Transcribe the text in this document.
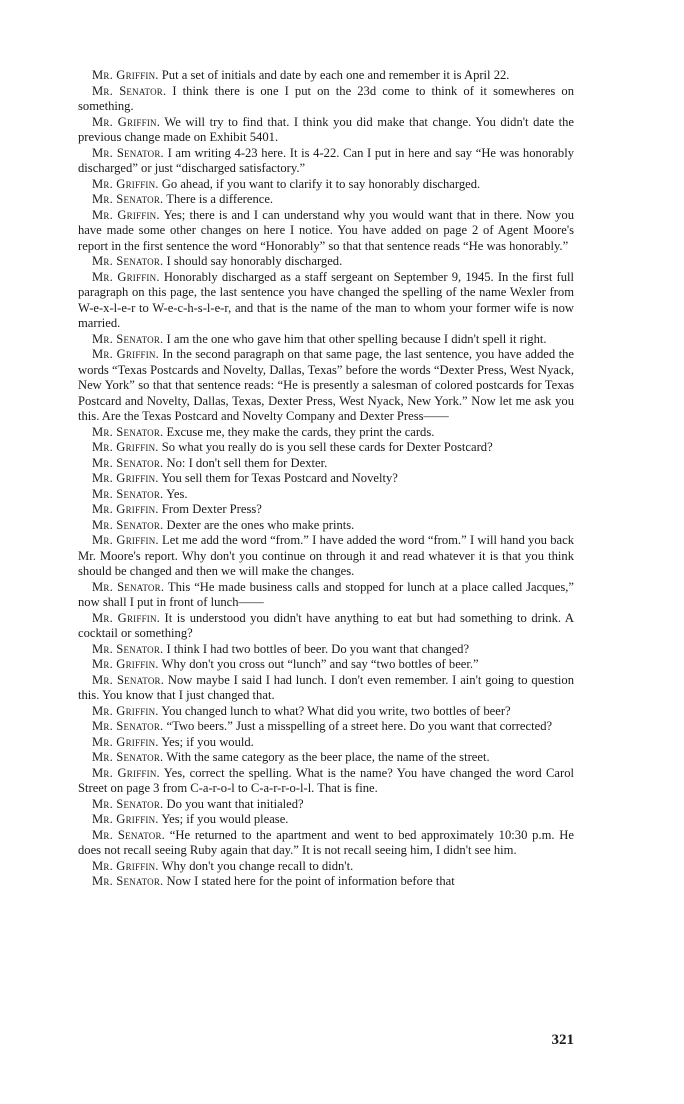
Mr. Griffin. Put a set of initials and date by each one and remember it is April 22.

Mr. Senator. I think there is one I put on the 23d come to think of it somewheres on something.

Mr. Griffin. We will try to find that. I think you did make that change. You didn't date the previous change made on Exhibit 5401.

Mr. Senator. I am writing 4-23 here. It is 4-22. Can I put in here and say “He was honorably discharged” or just “discharged satisfactory.”

Mr. Griffin. Go ahead, if you want to clarify it to say honorably discharged.

Mr. Senator. There is a difference.

Mr. Griffin. Yes; there is and I can understand why you would want that in there. Now you have made some other changes on here I notice. You have added on page 2 of Agent Moore's report in the first sentence the word “Honorably” so that that sentence reads “He was honorably.”

Mr. Senator. I should say honorably discharged.

Mr. Griffin. Honorably discharged as a staff sergeant on September 9, 1945. In the first full paragraph on this page, the last sentence you have changed the spelling of the name Wexler from W-e-x-l-e-r to W-e-c-h-s-l-e-r, and that is the name of the man to whom your former wife is now married.

Mr. Senator. I am the one who gave him that other spelling because I didn't spell it right.

Mr. Griffin. In the second paragraph on that same page, the last sentence, you have added the words “Texas Postcards and Novelty, Dallas, Texas” before the words “Dexter Press, West Nyack, New York” so that that sentence reads: “He is presently a salesman of colored postcards for Texas Postcard and Novelty, Dallas, Texas, Dexter Press, West Nyack, New York.” Now let me ask you this. Are the Texas Postcard and Novelty Company and Dexter Press——

Mr. Senator. Excuse me, they make the cards, they print the cards.

Mr. Griffin. So what you really do is you sell these cards for Dexter Postcard?

Mr. Senator. No: I don't sell them for Dexter.

Mr. Griffin. You sell them for Texas Postcard and Novelty?

Mr. Senator. Yes.

Mr. Griffin. From Dexter Press?

Mr. Senator. Dexter are the ones who make prints.

Mr. Griffin. Let me add the word “from.” I have added the word “from.” I will hand you back Mr. Moore's report. Why don't you continue on through it and read whatever it is that you think should be changed and then we will make the changes.

Mr. Senator. This “He made business calls and stopped for lunch at a place called Jacques,” now shall I put in front of lunch——

Mr. Griffin. It is understood you didn't have anything to eat but had something to drink. A cocktail or something?

Mr. Senator. I think I had two bottles of beer. Do you want that changed?

Mr. Griffin. Why don't you cross out “lunch” and say “two bottles of beer.”

Mr. Senator. Now maybe I said I had lunch. I don't even remember. I ain't going to question this. You know that I just changed that.

Mr. Griffin. You changed lunch to what? What did you write, two bottles of beer?

Mr. Senator. “Two beers.” Just a misspelling of a street here. Do you want that corrected?

Mr. Griffin. Yes; if you would.

Mr. Senator. With the same category as the beer place, the name of the street.

Mr. Griffin. Yes, correct the spelling. What is the name? You have changed the word Carol Street on page 3 from C-a-r-o-l to C-a-r-r-o-l-l. That is fine.

Mr. Senator. Do you want that initialed?

Mr. Griffin. Yes; if you would please.

Mr. Senator. “He returned to the apartment and went to bed approximately 10:30 p.m. He does not recall seeing Ruby again that day.” It is not recall seeing him, I didn't see him.

Mr. Griffin. Why don't you change recall to didn't.

Mr. Senator. Now I stated here for the point of information before that

321
